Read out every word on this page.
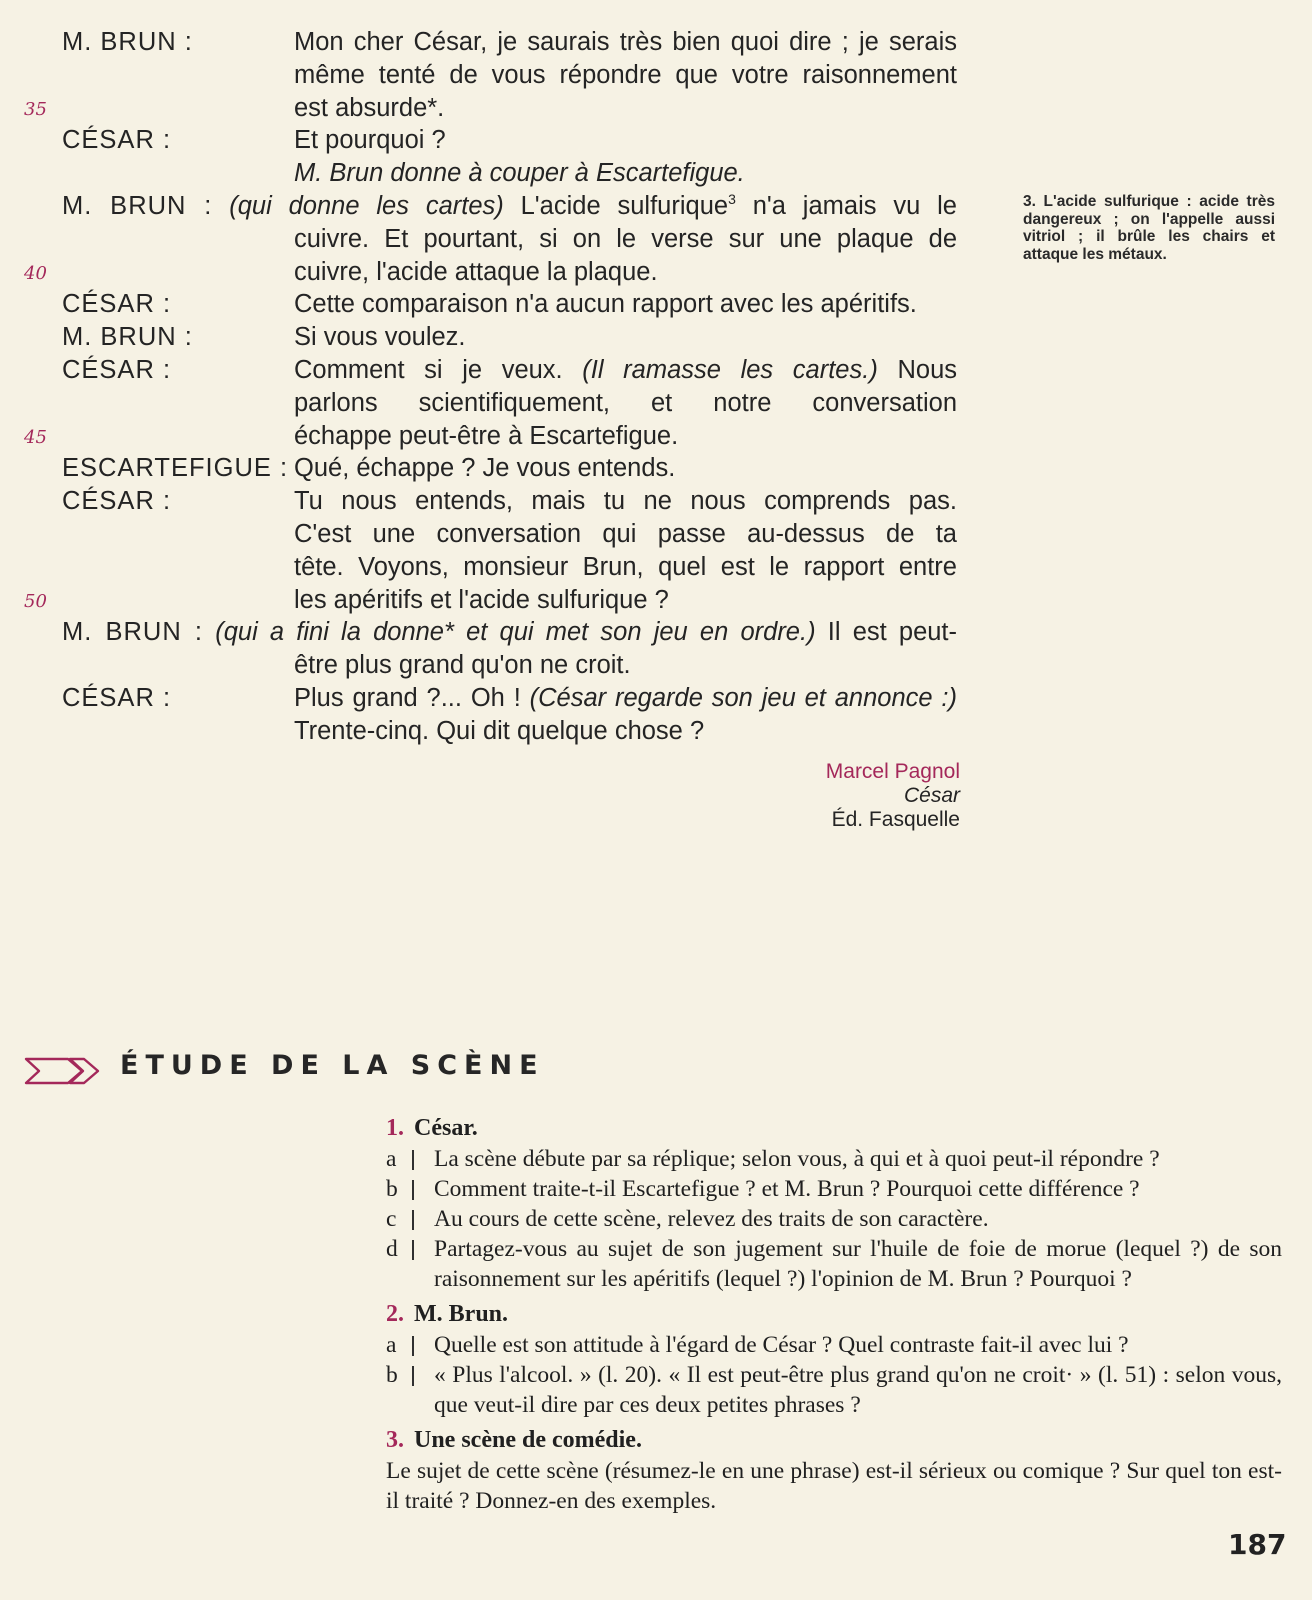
M. BRUN :	Mon cher César, je saurais très bien quoi dire ; je serais
même tenté de vous répondre que votre raisonnement
35	est absurde*.
CÉSAR :	Et pourquoi ?
M. Brun donne à couper à Escartefigue.
M. BRUN : (qui donne les cartes) L'acide sulfurique$^3$ n'a jamais vu le
cuivre. Et pourtant, si on le verse sur une plaque de
40	cuivre, l'acide attaque la plaque.
CÉSAR :	Cette comparaison n'a aucun rapport avec les apéritifs.
M. BRUN :	Si vous voulez.
CÉSAR :	Comment si je veux. (Il ramasse les cartes.) Nous
parlons scientifiquement, et notre conversation
45	échappe peut-être à Escartefigue.
ESCARTEFIGUE : Qué, échappe ? Je vous entends.
CÉSAR :	Tu nous entends, mais tu ne nous comprends pas.
C'est une conversation qui passe au-dessus de ta
tête. Voyons, monsieur Brun, quel est le rapport entre
50	les apéritifs et l'acide sulfurique ?
M. BRUN : (qui a fini la donne* et qui met son jeu en ordre.) Il est peut-
être plus grand qu'on ne croit.
CÉSAR :	Plus grand ?... Oh ! (César regarde son jeu et annonce :)
Trente-cinq. Qui dit quelque chose ?
Marcel Pagnol
César
Éd. Fasquelle
3. L'acide sulfurique : acide très dangereux ; on l'appelle aussi vitriol ; il brûle les chairs et attaque les métaux.
ÉTUDE DE LA SCÈNE
1. César.
a	La scène débute par sa réplique; selon vous, à qui et à quoi peut-il répondre ?
b	Comment traite-t-il Escartefigue ? et M. Brun ? Pourquoi cette différence ?
c	Au cours de cette scène, relevez des traits de son caractère.
d	Partagez-vous au sujet de son jugement sur l'huile de foie de morue (lequel ?) de son raisonnement sur les apéritifs (lequel ?) l'opinion de M. Brun ? Pourquoi ?
2. M. Brun.
a	Quelle est son attitude à l'égard de César ? Quel contraste fait-il avec lui ?
b	« Plus l'alcool. » (l. 20). « Il est peut-être plus grand qu'on ne croit· » (l. 51) : selon vous, que veut-il dire par ces deux petites phrases ?
3. Une scène de comédie.
Le sujet de cette scène (résumez-le en une phrase) est-il sérieux ou comique ? Sur quel ton est-il traité ? Donnez-en des exemples.
187
